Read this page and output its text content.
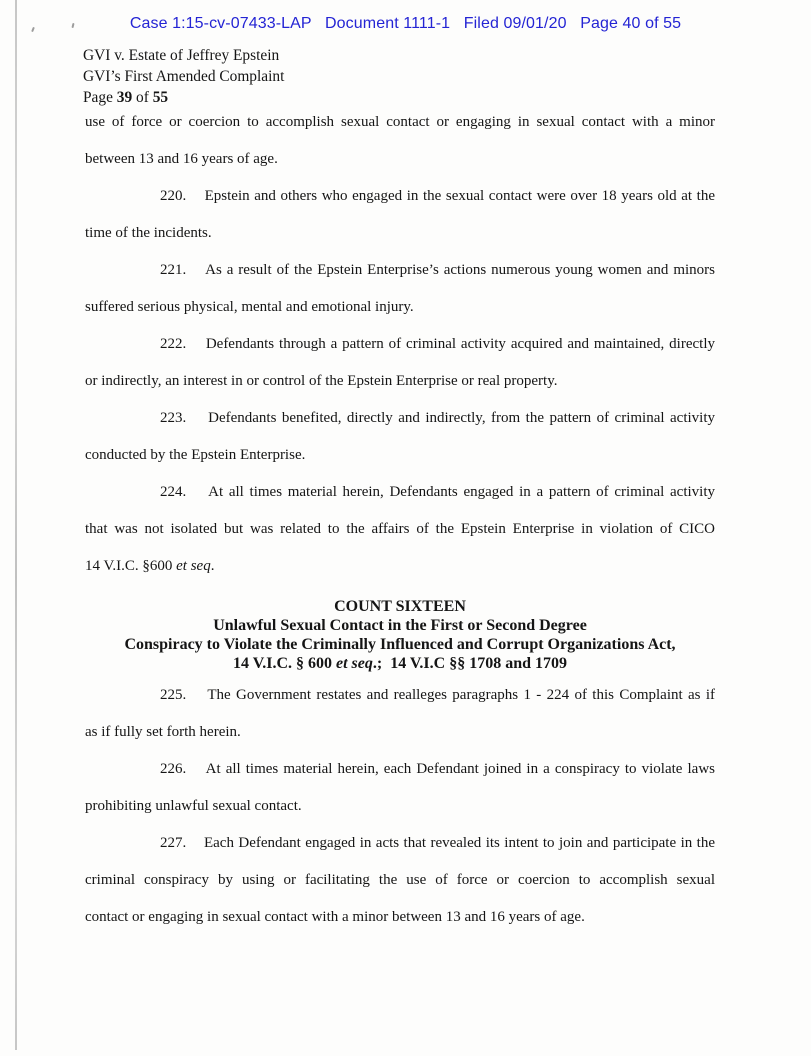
Case 1:15-cv-07433-LAP   Document 1111-1   Filed 09/01/20   Page 40 of 55
GVI v. Estate of Jeffrey Epstein
GVI’s First Amended Complaint
Page 39 of 55
use of force or coercion to accomplish sexual contact or engaging in sexual contact with a minor
between 13 and 16 years of age.
220.    Epstein and others who engaged in the sexual contact were over 18 years old at the
time of the incidents.
221.    As a result of the Epstein Enterprise’s actions numerous young women and minors
suffered serious physical, mental and emotional injury.
222.    Defendants through a pattern of criminal activity acquired and maintained, directly
or indirectly, an interest in or control of the Epstein Enterprise or real property.
223.    Defendants benefited, directly and indirectly, from the pattern of criminal activity
conducted by the Epstein Enterprise.
224.    At all times material herein, Defendants engaged in a pattern of criminal activity
that was not isolated but was related to the affairs of the Epstein Enterprise in violation of CICO
14 V.I.C. §600 et seq.
COUNT SIXTEEN
Unlawful Sexual Contact in the First or Second Degree
Conspiracy to Violate the Criminally Influenced and Corrupt Organizations Act,
14 V.I.C. § 600 et seq.;  14 V.I.C §§ 1708 and 1709
225.    The Government restates and realleges paragraphs 1 - 224 of this Complaint as if
as if fully set forth herein.
226.    At all times material herein, each Defendant joined in a conspiracy to violate laws
prohibiting unlawful sexual contact.
227.    Each Defendant engaged in acts that revealed its intent to join and participate in the
criminal conspiracy by using or facilitating the use of force or coercion to accomplish sexual
contact or engaging in sexual contact with a minor between 13 and 16 years of age.
